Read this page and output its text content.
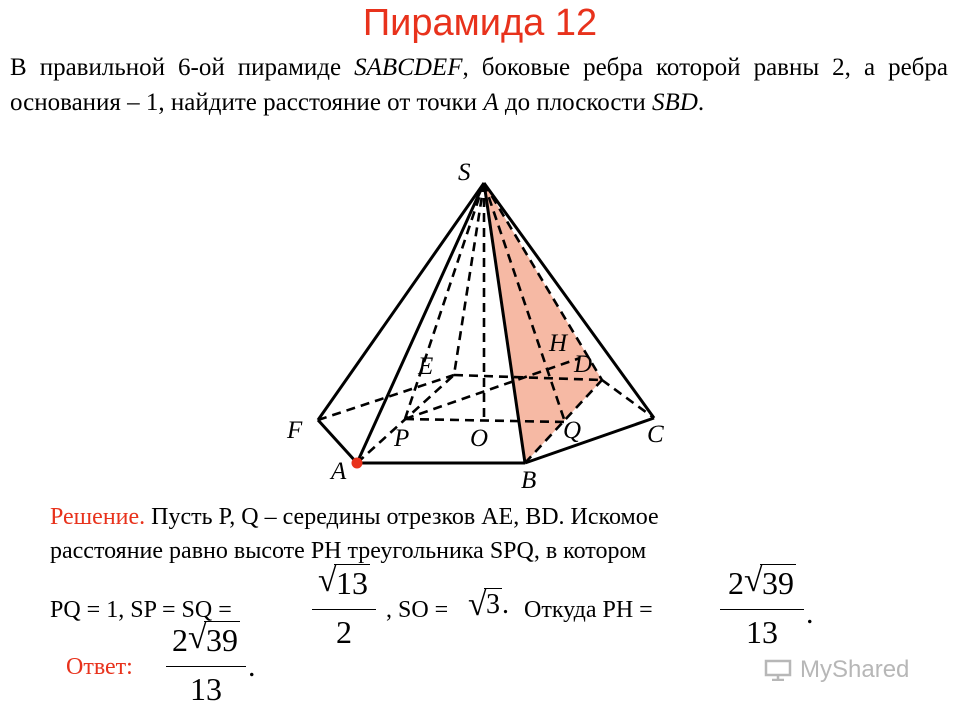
Пирамида 12
В правильной 6-ой пирамиде SABCDEF, боковые ребра которой равны 2, а ребра основания – 1, найдите расстояние от точки A до плоскости SBD.
S
H
D
E
F	P O	Q	C
A	B
Решение. Пусть P, Q – середины отрезков AE, BD. Искомое
расстояние равно высоте PH треугольника SPQ, в котором
PQ = 1, SP = SQ =
√ 13
2
, SO = √ 3. Откуда PH =
2 √ 39
13
.
Ответ:
2 √ 39
13
.	MyShared
